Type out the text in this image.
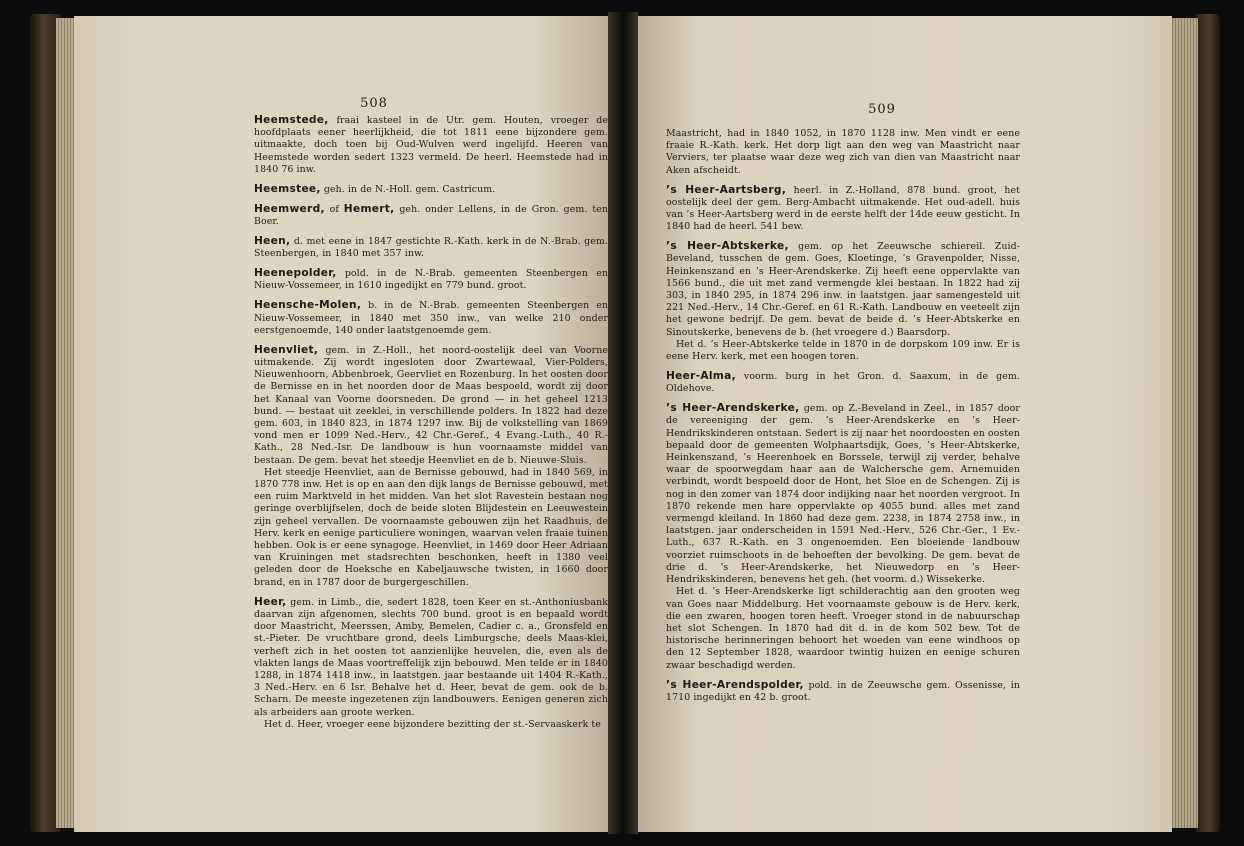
508

Heemstede, fraai kasteel in de Utr. gem. Houten, vroeger de hoofdplaats eener heerlijkheid, die tot 1811 eene bijzondere gem. uitmaakte, doch toen bij Oud-Wulven werd ingelijfd. Heeren van Heemstede worden sedert 1323 vermeld. De heerl. Heemstede had in 1840 76 inw.

Heemstee, geh. in de N.-Holl. gem. Castricum.

Heemwerd, of Hemert, geh. onder Lellens, in de Gron. gem. ten Boer.

Heen, d. met eene in 1847 gestichte R.-Kath. kerk in de N.-Brab. gem. Steenbergen, in 1840 met 357 inw.

Heenepolder, pold. in de N.-Brab. gemeenten Steenbergen en Nieuw-Vossemeer, in 1610 ingedijkt en 779 bund. groot.

Heensche-Molen, b. in de N.-Brab. gemeenten Steenbergen en Nieuw-Vossemeer, in 1840 met 350 inw., van welke 210 onder eerstgenoemde, 140 onder laatstgenoemde gem.

Heenvliet, gem. in Z.-Holl., het noord-oostelijk deel van Voorne uitmakende. Zij wordt ingesloten door Zwartewaal, Vier-Polders, Nieuwenhoorn, Abbenbroek, Geervliet en Rozenburg. In het oosten door de Bernisse en in het noorden door de Maas bespoeld, wordt zij door het Kanaal van Voorne doorsneden. De grond — in het geheel 1213 bund. — bestaat uit zeeklei, in verschillende polders. In 1822 had deze gem. 603, in 1840 823, in 1874 1297 inw. Bij de volkstelling van 1869 vond men er 1099 Ned.-Herv., 42 Chr.-Geref., 4 Evang.-Luth., 40 R.-Kath., 28 Ned.-Isr. De landbouw is hun voornaamste middel van bestaan. De gem. bevat het steedje Heenvliet en de b. Nieuwe-Sluis.
Het steedje Heenvliet, aan de Bernisse gebouwd, had in 1840 569, in 1870 778 inw. Het is op en aan den dijk langs de Bernisse gebouwd, met een ruim Marktveld in het midden. Van het slot Ravestein bestaan nog geringe overblijfselen, doch de beide sloten Blijdestein en Leeuwestein zijn geheel vervallen. De voornaamste gebouwen zijn het Raadhuis, de Herv. kerk en eenige particuliere woningen, waarvan velen fraaie tuinen hebben. Ook is er eene synagoge. Heenvliet, in 1469 door Heer Adriaan van Kruiningen met stadsrechten beschonken, heeft in 1380 veel geleden door de Hoeksche en Kabeljauwsche twisten, in 1660 door brand, en in 1787 door de burgergeschillen.

Heer, gem. in Limb., die, sedert 1828, toen Keer en st.-Anthoniusbank daarvan zijn afgenomen, slechts 700 bund. groot is en bepaald wordt door Maastricht, Meerssen, Amby, Bemelen, Cadier c. a., Gronsfeld en st.-Pieter. De vruchtbare grond, deels Limburgsche, deels Maas-klei, verheft zich in het oosten tot aanzienlijke heuvelen, die, even als de vlakten langs de Maas voortreffelijk zijn bebouwd. Men telde er in 1840 1288, in 1874 1418 inw., in laatstgen. jaar bestaande uit 1404 R.-Kath., 3 Ned.-Herv. en 6 Isr. Behalve het d. Heer, bevat de gem. ook de b. Scharn. De meeste ingezetenen zijn landbouwers. Eenigen generen zich als arbeiders aan groote werken.
Het d. Heer, vroeger eene bijzondere bezitting der st.-Servaaskerk te

509

Maastricht, had in 1840 1052, in 1870 1128 inw. Men vindt er eene fraaie R.-Kath. kerk. Het dorp ligt aan den weg van Maastricht naar Verviers, ter plaatse waar deze weg zich van dien van Maastricht naar Aken afscheidt.

’s Heer-Aartsberg, heerl. in Z.-Holland, 878 bund. groot, het oostelijk deel der gem. Berg-Ambacht uitmakende. Het oud-adell. huis van ’s Heer-Aartsberg werd in de eerste helft der 14de eeuw gesticht. In 1840 had de heerl. 541 bew.

’s Heer-Abtskerke, gem. op het Zeeuwsche schiereil. Zuid-Beveland, tusschen de gem. Goes, Kloetinge, ’s Gravenpolder, Nisse, Heinkenszand en ’s Heer-Arendskerke. Zij heeft eene oppervlakte van 1566 bund., die uit met zand vermengde klei bestaan. In 1822 had zij 303, in 1840 295, in 1874 296 inw. in laatstgen. jaar samengesteld uit 221 Ned.-Herv., 14 Chr.-Geref. en 61 R.-Kath. Landbouw en veeteelt zijn het gewone bedrijf. De gem. bevat de beide d. ’s Heer-Abtskerke en Sinoutskerke, benevens de b. (het vroegere d.) Baarsdorp.
Het d. ’s Heer-Abtskerke telde in 1870 in de dorpskom 109 inw. Er is eene Herv. kerk, met een hoogen toren.

Heer-Alma, voorm. burg in het Gron. d. Saaxum, in de gem. Oldehove.

’s Heer-Arendskerke, gem. op Z.-Beveland in Zeel., in 1857 door de vereeniging der gem. ’s Heer-Arendskerke en ’s Heer-Hendrikskinderen ontstaan. Sedert is zij naar het noordoosten en oosten bepaald door de gemeenten Wolphaartsdijk, Goes, ’s Heer-Abtskerke, Heinkenszand, ’s Heerenhoek en Borssele, terwijl zij verder, behalve waar de spoorwegdam haar aan de Walchersche gem. Arnemuiden verbindt, wordt bespoeld door de Hont, het Sloe en de Schengen. Zij is nog in den zomer van 1874 door indijking naar het noorden vergroot. In 1870 rekende men hare oppervlakte op 4055 bund. alles met zand vermengd kleiland. In 1860 had deze gem. 2238, in 1874 2758 inw., in laatstgen. jaar onderscheiden in 1591 Ned.-Herv., 526 Chr.-Ger., 1 Ev.-Luth., 637 R.-Kath. en 3 ongenoemden. Een bloeiende landbouw voorziet ruimschoots in de behoeften der bevolking. De gem. bevat de drie d. ’s Heer-Arendskerke, het Nieuwedorp en ’s Heer-Hendrikskinderen, benevens het geh. (het voorm. d.) Wissekerke.
Het d. ’s Heer-Arendskerke ligt schilderachtig aan den grooten weg van Goes naar Middelburg. Het voornaamste gebouw is de Herv. kerk, die een zwaren, hoogen toren heeft. Vroeger stond in de nabuurschap het slot Schengen. In 1870 had dit d. in de kom 502 bew. Tot de historische herinneringen behoort het woeden van eene windhoos op den 12 September 1828, waardoor twintig huizen en eenige schuren zwaar beschadigd werden.

’s Heer-Arendspolder, pold. in de Zeeuwsche gem. Ossenisse, in 1710 ingedijkt en 42 b. groot.
